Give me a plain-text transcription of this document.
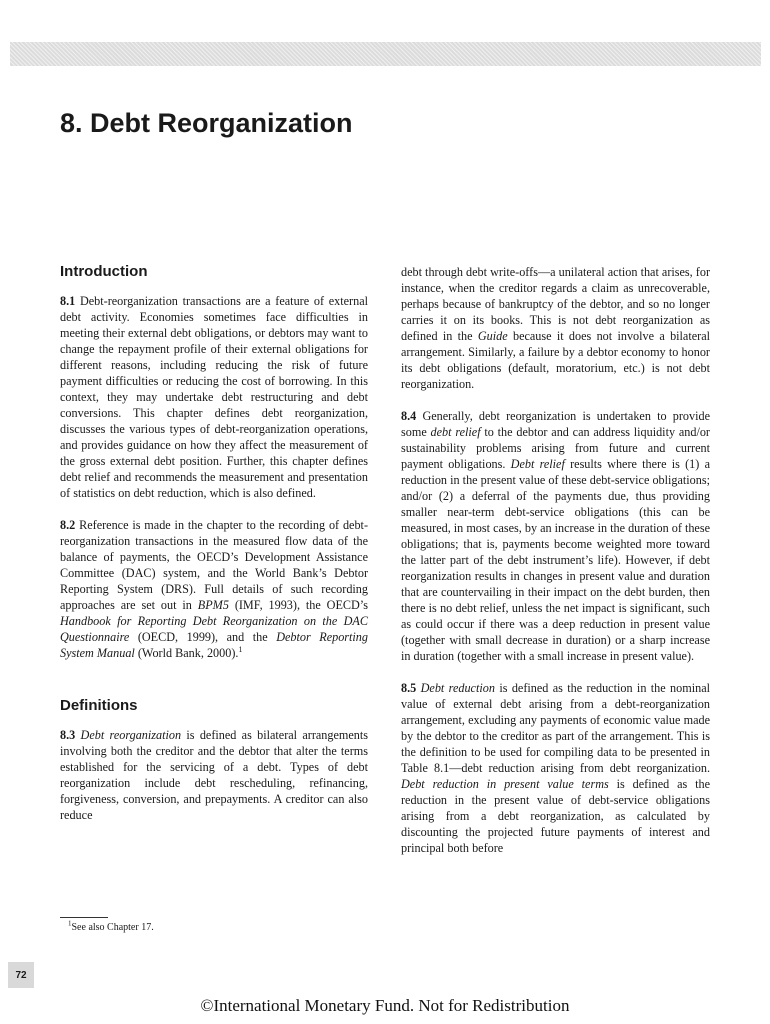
8. Debt Reorganization
Introduction

8.1 Debt-reorganization transactions are a feature of external debt activity. Economies sometimes face difficulties in meeting their external debt obligations, or debtors may want to change the repayment profile of their external obligations for different reasons, including reducing the risk of future payment difficulties or reducing the cost of borrowing. In this context, they may undertake debt restructuring and debt conversions. This chapter defines debt reorganization, discusses the various types of debt-reorganization operations, and provides guidance on how they affect the measurement of the gross external debt position. Further, this chapter defines debt relief and recommends the measurement and presentation of statistics on debt reduction, which is also defined.

8.2 Reference is made in the chapter to the recording of debt-reorganization transactions in the measured flow data of the balance of payments, the OECD’s Development Assistance Committee (DAC) system, and the World Bank’s Debtor Reporting System (DRS). Full details of such recording approaches are set out in BPM5 (IMF, 1993), the OECD’s Handbook for Reporting Debt Reorganization on the DAC Questionnaire (OECD, 1999), and the Debtor Reporting System Manual (World Bank, 2000).$^1$

Definitions

8.3 Debt reorganization is defined as bilateral arrangements involving both the creditor and the debtor that alter the terms established for the servicing of a debt. Types of debt reorganization include debt rescheduling, refinancing, forgiveness, conversion, and prepayments. A creditor can also reduce

debt through debt write-offs—a unilateral action that arises, for instance, when the creditor regards a claim as unrecoverable, perhaps because of bankruptcy of the debtor, and so no longer carries it on its books. This is not debt reorganization as defined in the Guide because it does not involve a bilateral arrangement. Similarly, a failure by a debtor economy to honor its debt obligations (default, moratorium, etc.) is not debt reorganization.

8.4 Generally, debt reorganization is undertaken to provide some debt relief to the debtor and can address liquidity and/or sustainability problems arising from future and current payment obligations. Debt relief results where there is (1) a reduction in the present value of these debt-service obligations; and/or (2) a deferral of the payments due, thus providing smaller near-term debt-service obligations (this can be measured, in most cases, by an increase in the duration of these obligations; that is, payments become weighted more toward the latter part of the debt instrument’s life). However, if debt reorganization results in changes in present value and duration that are countervailing in their impact on the debt burden, then there is no debt relief, unless the net impact is significant, such as could occur if there was a deep reduction in present value (together with small decrease in duration) or a sharp increase in duration (together with a small increase in present value).

8.5 Debt reduction is defined as the reduction in the nominal value of external debt arising from a debt-reorganization arrangement, excluding any payments of economic value made by the debtor to the creditor as part of the arrangement. This is the definition to be used for compiling data to be presented in Table 8.1—debt reduction arising from debt reorganization. Debt reduction in present value terms is defined as the reduction in the present value of debt-service obligations arising from a debt reorganization, as calculated by discounting the projected future payments of interest and principal both before

$^1$See also Chapter 17.
72
©International Monetary Fund. Not for Redistribution
